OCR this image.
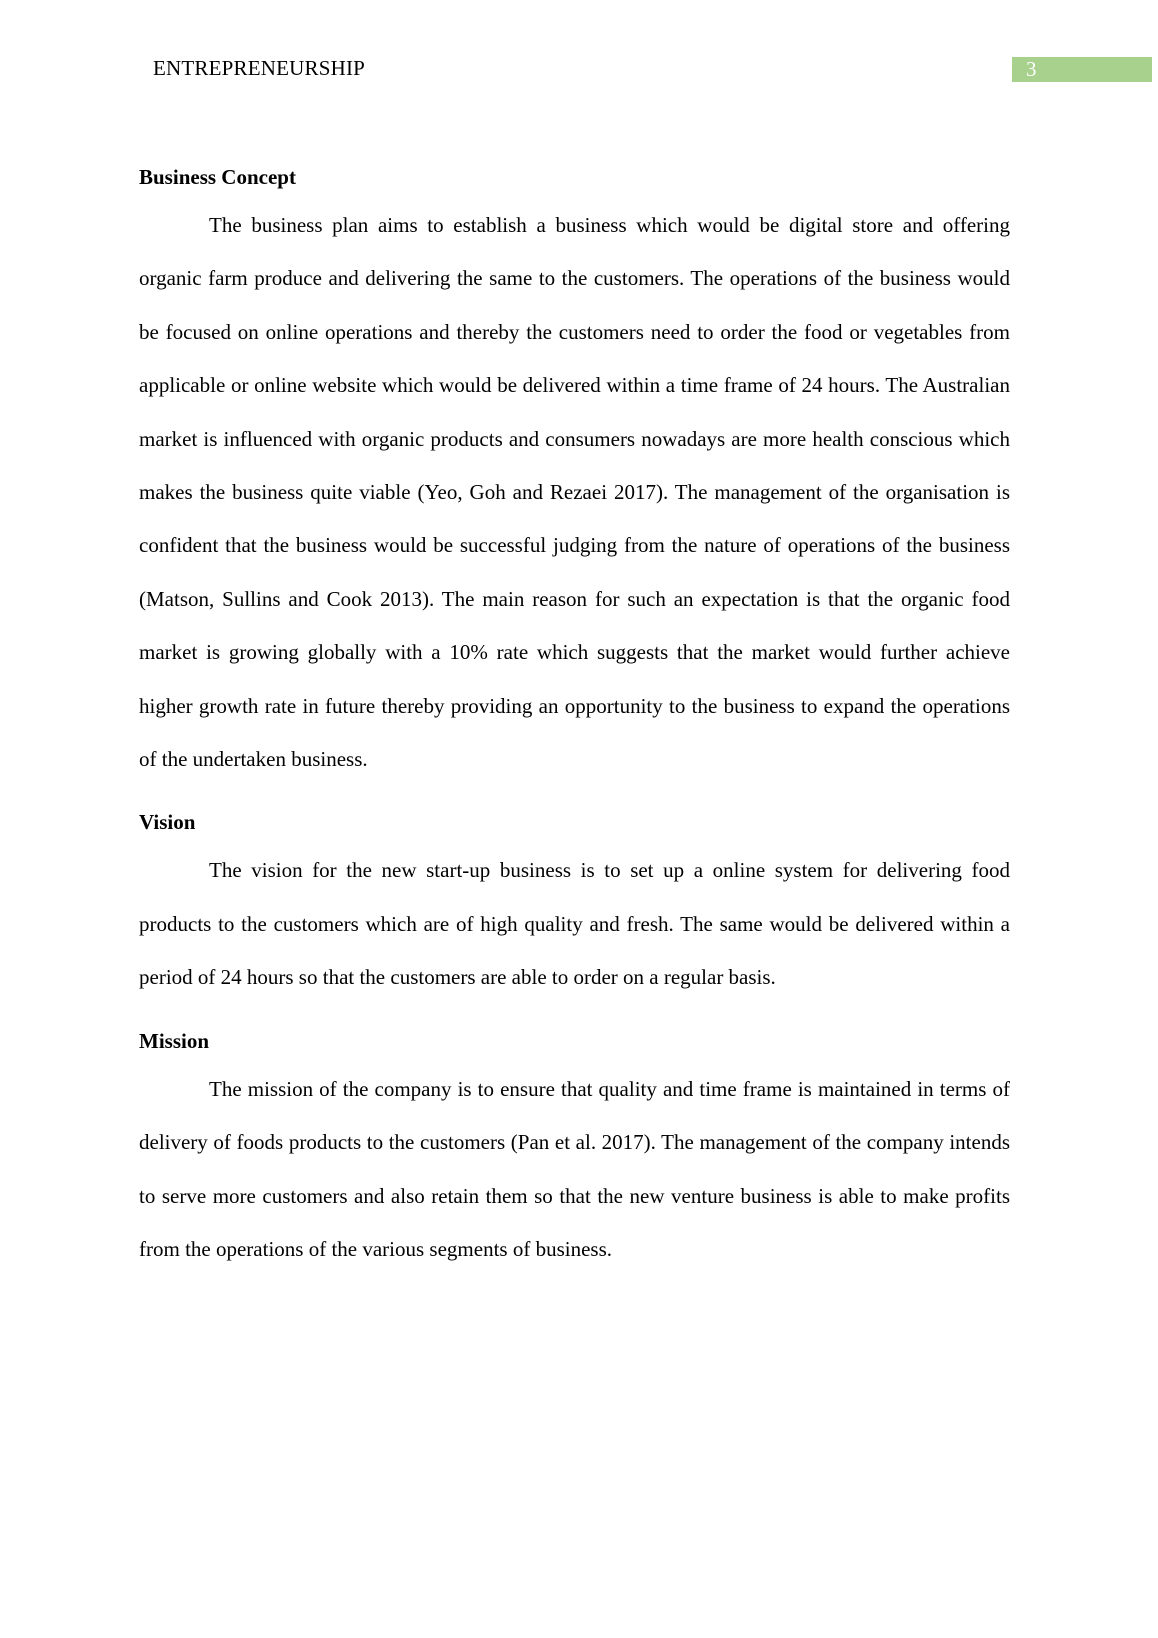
ENTREPRENEURSHIP	3
Business Concept

The business plan aims to establish a business which would be digital store and offering organic farm produce and delivering the same to the customers. The operations of the business would be focused on online operations and thereby the customers need to order the food or vegetables from applicable or online website which would be delivered within a time frame of 24 hours. The Australian market is influenced with organic products and consumers nowadays are more health conscious which makes the business quite viable (Yeo, Goh and Rezaei 2017). The management of the organisation is confident that the business would be successful judging from the nature of operations of the business (Matson, Sullins and Cook 2013). The main reason for such an expectation is that the organic food market is growing globally with a 10% rate which suggests that the market would further achieve higher growth rate in future thereby providing an opportunity to the business to expand the operations of the undertaken business.

Vision

The vision for the new start-up business is to set up a online system for delivering food products to the customers which are of high quality and fresh. The same would be delivered within a period of 24 hours so that the customers are able to order on a regular basis.

Mission

The mission of the company is to ensure that quality and time frame is maintained in terms of delivery of foods products to the customers (Pan et al. 2017). The management of the company intends to serve more customers and also retain them so that the new venture business is able to make profits from the operations of the various segments of business.
